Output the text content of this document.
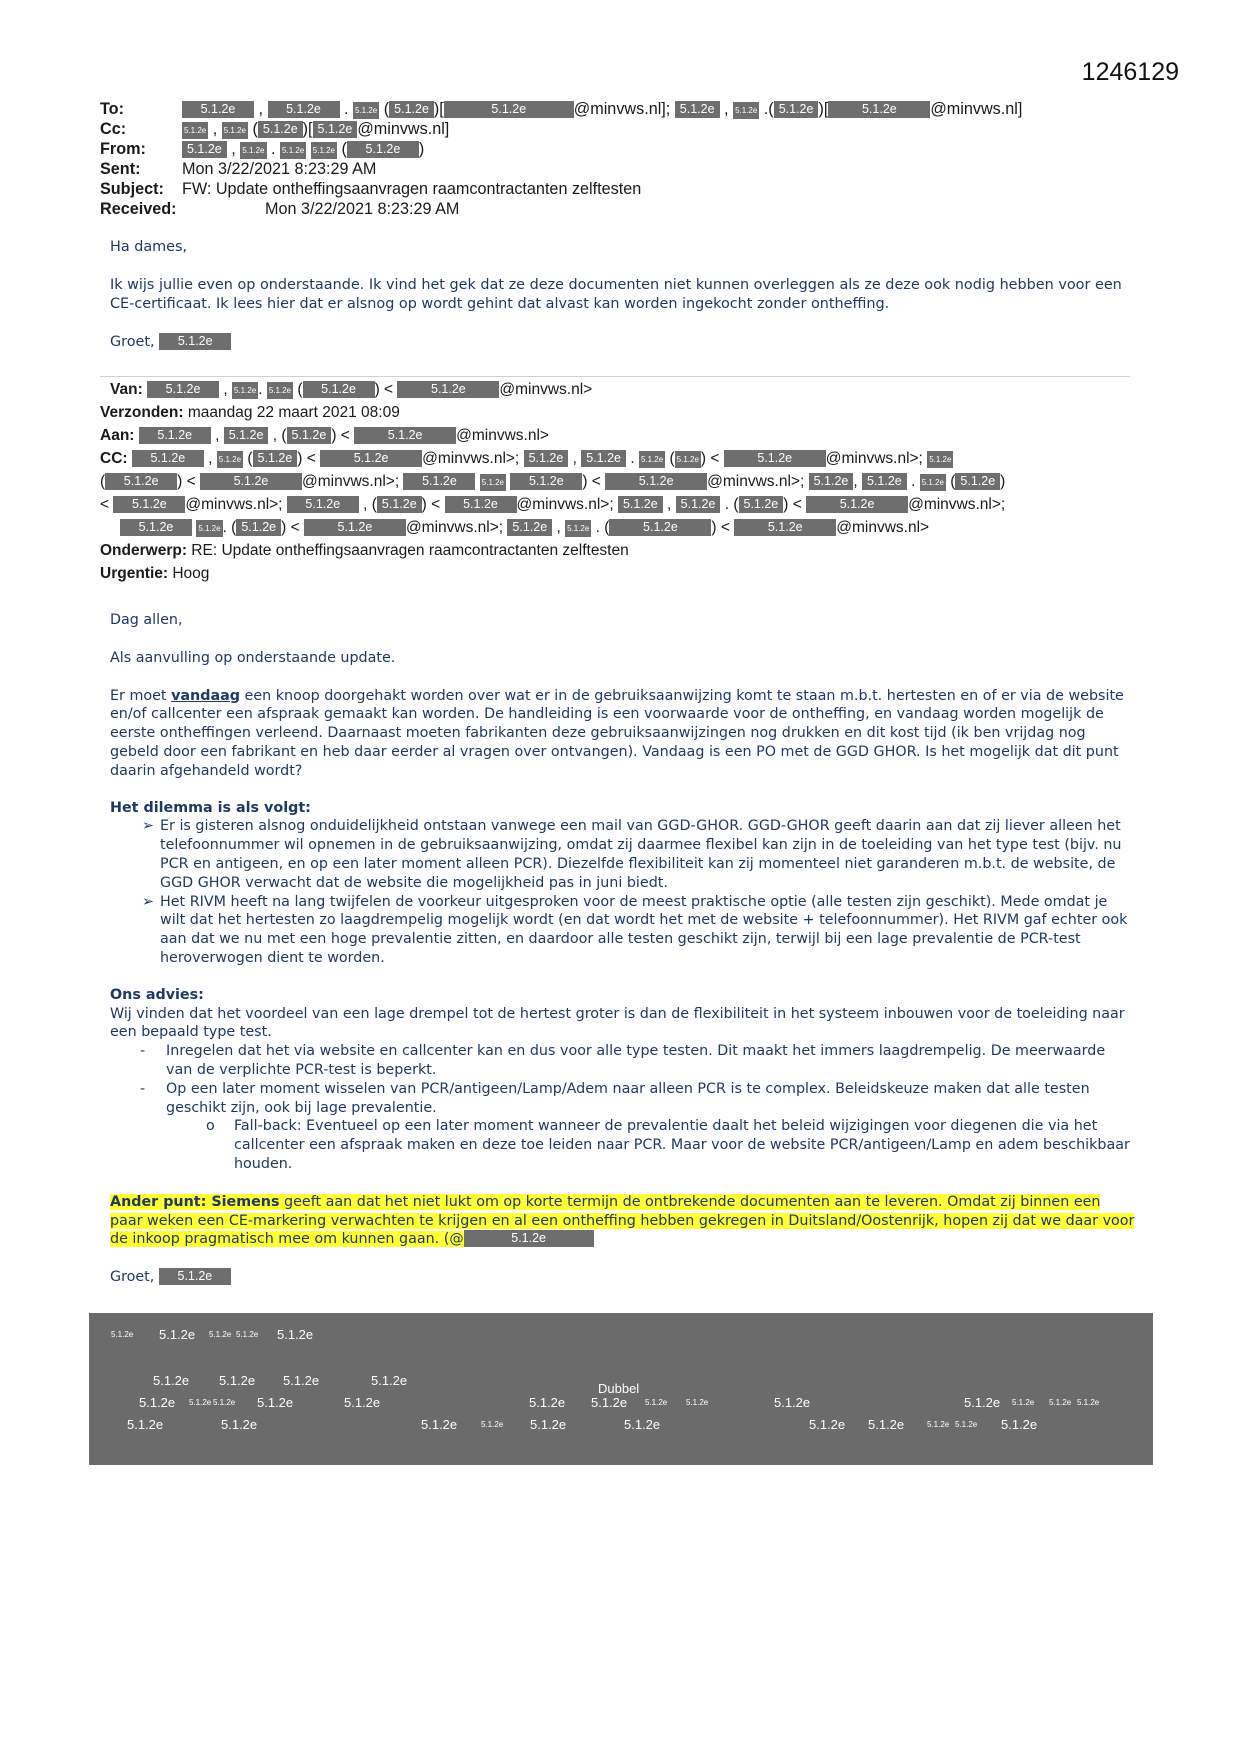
1246129
To:	5.1.2e , 5.1.2e . 5.1.2e ( 5.1.2e )[	5.1.2e	@minvws.nl]; 5.1.2e , 5.1.2e .( 5.1.2e )[	5.1.2e @minvws.nl]
Cc:	5.1.2e , 5.1.2e ( 5.1.2e )[ 5.1.2e @minvws.nl]
From:	5.1.2e , 5.1.2e . 5.1.2e 5.1.2e ( 5.1.2e )
Sent:	Mon 3/22/2021 8:23:29 AM
Subject: FW: Update ontheffingsaanvragen raamcontractanten zelftesten
Received:	Mon 3/22/2021 8:23:29 AM

Ha dames,

Ik wijs jullie even op onderstaande. Ik vind het gek dat ze deze documenten niet kunnen overleggen als ze deze ook nodig hebben voor een CE-certificaat. Ik lees hier dat er alsnog op wordt gehint dat alvast kan worden ingekocht zonder ontheffing.

Groet, 5.1.2e

Van: 5.1.2e , 5.1.2e . 5.1.2e ( 5.1.2e ) <	5.1.2e @minvws.nl>
Verzonden: maandag 22 maart 2021 08:09
Aan: 5.1.2e , 5.1.2e , ( 5.1.2e ) <	5.1.2e @minvws.nl>
CC: 5.1.2e , 5.1.2e ( 5.1.2e ) <	5.1.2e @minvws.nl>; 5.1.2e , 5.1.2e . 5.1.2e ( 5.1.2e ) <	5.1.2e @minvws.nl>; 5.1.2e
( 5.1.2e ) <	5.1.2e @minvws.nl>; 5.1.2e	5.1.2e 5.1.2e ) <	5.1.2e @minvws.nl>; 5.1.2e , 5.1.2e . 5.1.2e ( 5.1.2e )
< 5.1.2e @minvws.nl>; 5.1.2e , ( 5.1.2e ) < 5.1.2e @minvws.nl>; 5.1.2e , 5.1.2e . ( 5.1.2e ) <	5.1.2e @minvws.nl>;
5.1.2e	5.1.2e . ( 5.1.2e ) <	5.1.2e @minvws.nl>; 5.1.2e , 5.1.2e . (	5.1.2e ) <	5.1.2e @minvws.nl>
Onderwerp: RE: Update ontheffingsaanvragen raamcontractanten zelftesten
Urgentie: Hoog

Dag allen,

Als aanvulling op onderstaande update.

Er moet vandaag een knoop doorgehakt worden over wat er in de gebruiksaanwijzing komt te staan m.b.t. hertesten en of er via de website en/of callcenter een afspraak gemaakt kan worden. De handleiding is een voorwaarde voor de ontheffing, en vandaag worden mogelijk de eerste ontheffingen verleend. Daarnaast moeten fabrikanten deze gebruiksaanwijzingen nog drukken en dit kost tijd (ik ben vrijdag nog gebeld door een fabrikant en heb daar eerder al vragen over ontvangen). Vandaag is een PO met de GGD GHOR. Is het mogelijk dat dit punt daarin afgehandeld wordt?

Het dilemma is als volgt:

➢ Er is gisteren alsnog onduidelijkheid ontstaan vanwege een mail van GGD-GHOR. GGD-GHOR geeft daarin aan dat zij liever alleen het telefoonnummer wil opnemen in de gebruiksaanwijzing, omdat zij daarmee flexibel kan zijn in de toeleiding van het type test (bijv. nu PCR en antigeen, en op een later moment alleen PCR). Diezelfde flexibiliteit kan zij momenteel niet garanderen m.b.t. de website, de GGD GHOR verwacht dat de website die mogelijkheid pas in juni biedt.
➢ Het RIVM heeft na lang twijfelen de voorkeur uitgesproken voor de meest praktische optie (alle testen zijn geschikt). Mede omdat je wilt dat het hertesten zo laagdrempelig mogelijk wordt (en dat wordt het met de website + telefoonnummer). Het RIVM gaf echter ook aan dat we nu met een hoge prevalentie zitten, en daardoor alle testen geschikt zijn, terwijl bij een lage prevalentie de PCR-test heroverwogen dient te worden.

Ons advies:

Wij vinden dat het voordeel van een lage drempel tot de hertest groter is dan de flexibiliteit in het systeem inbouwen voor de toeleiding naar een bepaald type test.

- Inregelen dat het via website en callcenter kan en dus voor alle type testen. Dit maakt het immers laagdrempelig. De meerwaarde van de verplichte PCR-test is beperkt.
- Op een later moment wisselen van PCR/antigeen/Lamp/Adem naar alleen PCR is te complex. Beleidskeuze maken dat alle testen geschikt zijn, ook bij lage prevalentie.
o Fall-back: Eventueel op een later moment wanneer de prevalentie daalt het beleid wijzigingen voor diegenen die via het callcenter een afspraak maken en deze toe leiden naar PCR. Maar voor de website PCR/antigeen/Lamp en adem beschikbaar houden.

Ander punt: Siemens geeft aan dat het niet lukt om op korte termijn de ontbrekende documenten aan te leveren. Omdat zij binnen een paar weken een CE-markering verwachten te krijgen en al een ontheffing hebben gekregen in Duitsland/Oostenrijk, hopen zij dat we daar voor de inkoop pragmatisch mee om kunnen gaan. (@	5.1.2e

Groet, 5.1.2e

5.1.2e 5.1.2e 5.1.2e 5.1.2e 5.1.2e
5.1.2e 5.1.2e 5.1.2e	5.1.2e
Dubbel
5.1.2e 5.1.2e 5.1.2e 5.1.2e	5.1.2e	5.1.2e 5.1.2e 5.1.2e 5.1.2e	5.1.2e	5.1.2e 5.1.2e 5.1.2e 5.1.2e
5.1.2e	5.1.2e	5.1.2e	5.1.2e 5.1.2e	5.1.2e	5.1.2e 5.1.2e	5.1.2e 5.1.2e 5.1.2e
